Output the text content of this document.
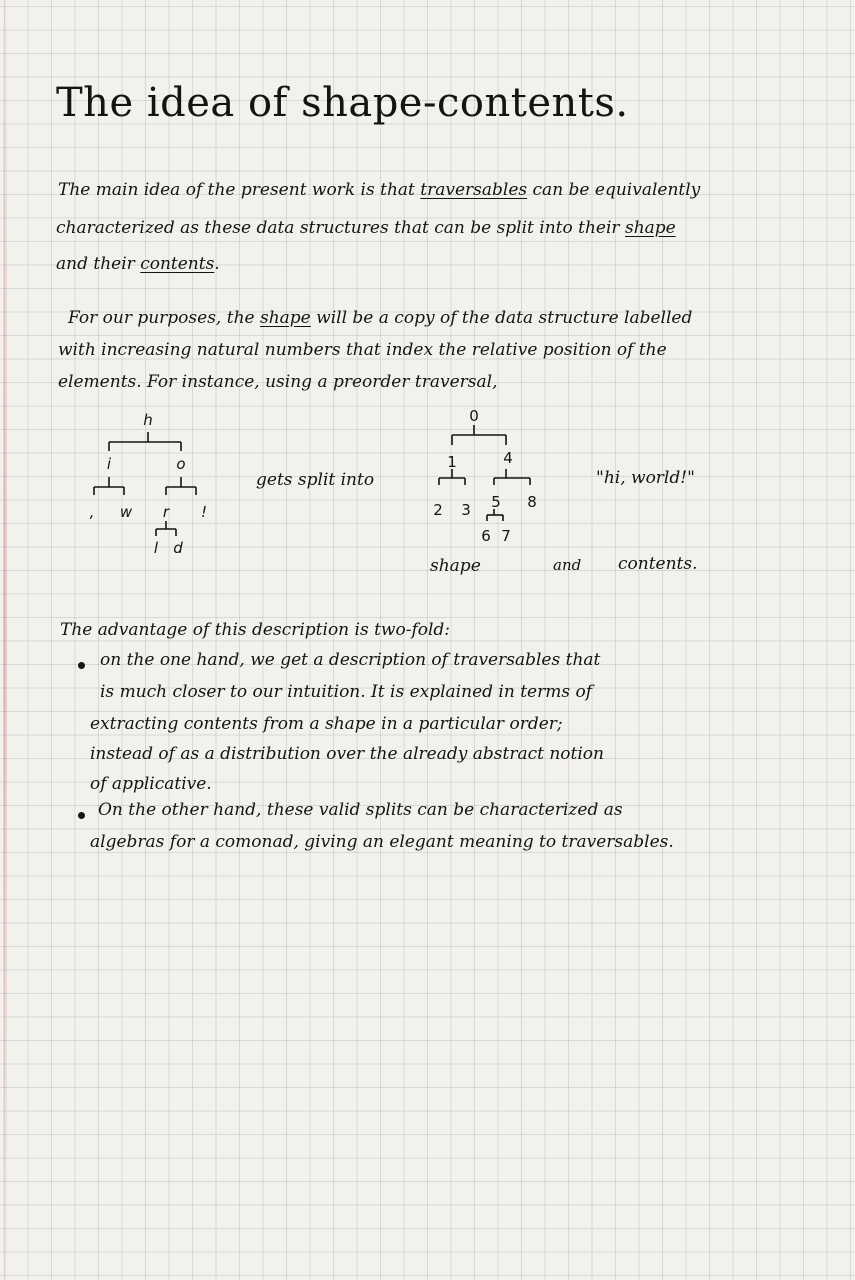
The idea of shape-contents.
The main idea of the present work is that traversables can be equivalently
characterized as these data structures that can be split into their shape
and their contents.
For our purposes, the shape will be a copy of the data structure labelled
with increasing natural numbers that index the relative position of the
elements. For instance, using a preorder traversal,
h
i	o
, w r !
l d
gets split into
0
1	4
2 3 5 8
6 7
"hi, world!"
shape	and contents.
The advantage of this description is two-fold:
on the one hand, we get a description of traversables that
is much closer to our intuition. It is explained in terms of
extracting contents from a shape in a particular order;
instead of as a distribution over the already abstract notion
of applicative.
On the other hand, these valid splits can be characterized as
algebras for a comonad, giving an elegant meaning to traversables.
